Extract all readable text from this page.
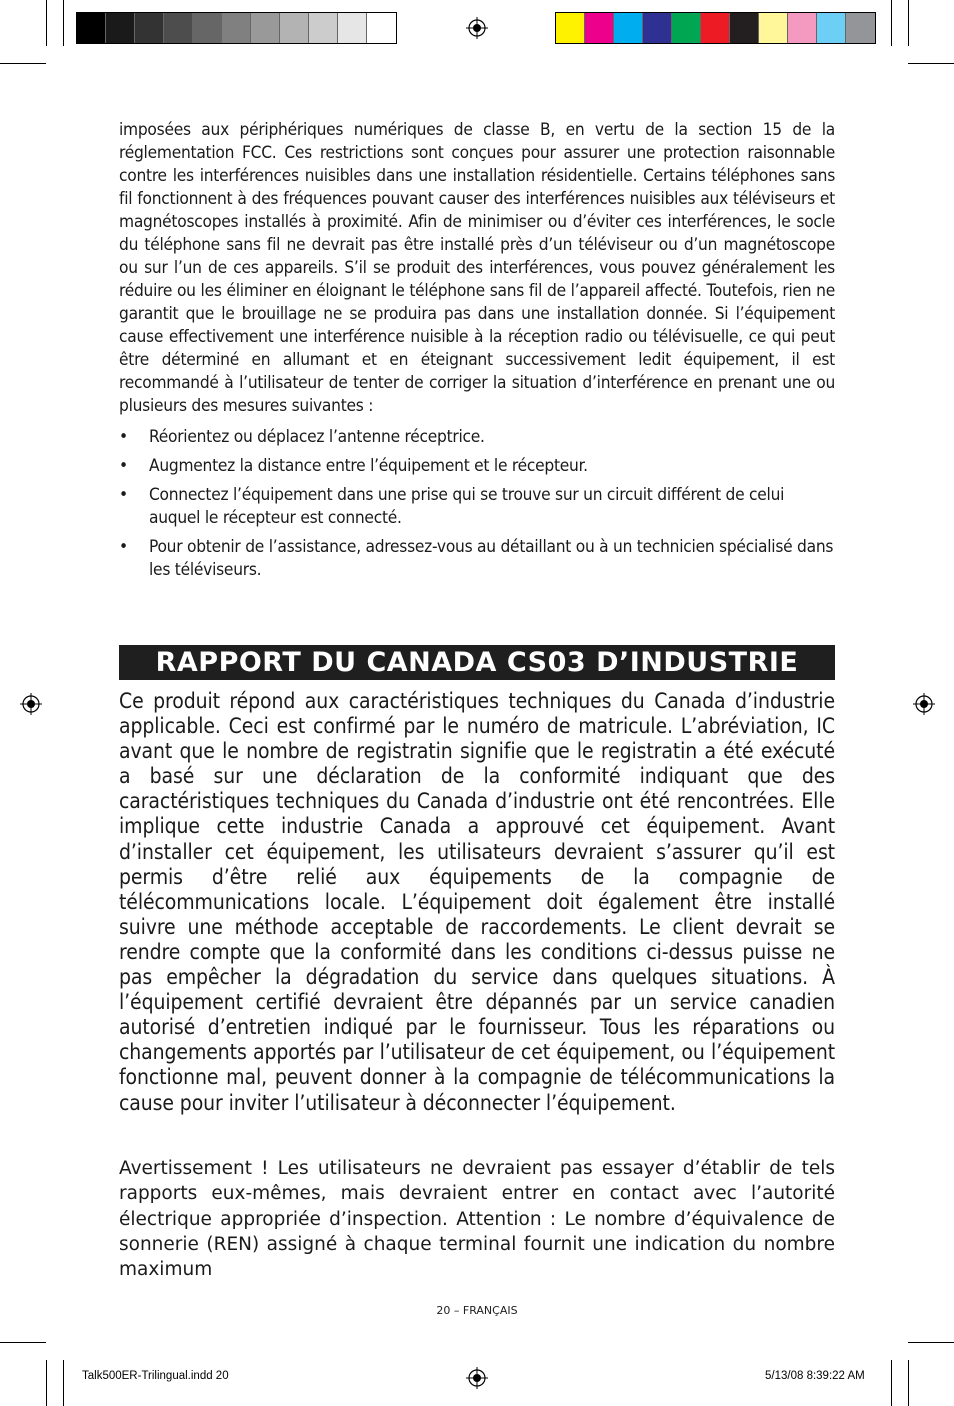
imposées aux périphériques numériques de classe B, en vertu de la section 15 de la réglementation FCC. Ces restrictions sont conçues pour assurer une protection raisonnable contre les interférences nuisibles dans une installation résidentielle. Certains téléphones sans fil fonctionnent à des fréquences pouvant causer des interférences nuisibles aux téléviseurs et magnétoscopes installés à proximité. Afin de minimiser ou d’éviter ces interférences, le socle du téléphone sans fil ne devrait pas être installé près d’un téléviseur ou d’un magnétoscope ou sur l’un de ces appareils. S’il se produit des interférences, vous pouvez généralement les réduire ou les éliminer en éloignant le téléphone sans fil de l’appareil affecté. Toutefois, rien ne garantit que le brouillage ne se produira pas dans une installation donnée. Si l’équipement cause effectivement une interférence nuisible à la réception radio ou télévisuelle, ce qui peut être déterminé en allumant et en éteignant successivement ledit équipement, il est recommandé à l’utilisateur de tenter de corriger la situation d’interférence en prenant une ou plusieurs des mesures suivantes :

• Réorientez ou déplacez l’antenne réceptrice.
• Augmentez la distance entre l’équipement et le récepteur.
• Connectez l’équipement dans une prise qui se trouve sur un circuit différent de celui auquel le récepteur est connecté.
• Pour obtenir de l’assistance, adressez-vous au détaillant ou à un technicien spécialisé dans les téléviseurs.
RAPPORT DU CANADA CS03 D’INDUSTRIE

Ce produit répond aux caractéristiques techniques du Canada d’industrie applicable. Ceci est confirmé par le numéro de matricule. L’abréviation, IC avant que le nombre de registratin signifie que le registratin a été exécuté a basé sur une déclaration de la conformité indiquant que des caractéristiques techniques du Canada d’industrie ont été rencontrées. Elle implique cette industrie Canada a approuvé cet équipement. Avant d’installer cet équipement, les utilisateurs devraient s’assurer qu’il est permis d’être relié aux équipements de la compagnie de télécommunications locale. L’équipement doit également être installé suivre une méthode acceptable de raccordements. Le client devrait se rendre compte que la conformité dans les conditions ci-dessus puisse ne pas empêcher la dégradation du service dans quelques situations. À l’équipement certifié devraient être dépannés par un service canadien autorisé d’entretien indiqué par le fournisseur. Tous les réparations ou changements apportés par l’utilisateur de cet équipement, ou l’équipement fonctionne mal, peuvent donner à la compagnie de télécommunications la cause pour inviter l’utilisateur à déconnecter l’équipement.

Avertissement ! Les utilisateurs ne devraient pas essayer d’établir de tels rapports eux-mêmes, mais devraient entrer en contact avec l’autorité électrique appropriée d’inspection. Attention : Le nombre d’équivalence de sonnerie (REN) assigné à chaque terminal fournit une indication du nombre maximum

20 – FRANÇAIS
Talk500ER-Trilingual.indd 20	5/13/08 8:39:22 AM
